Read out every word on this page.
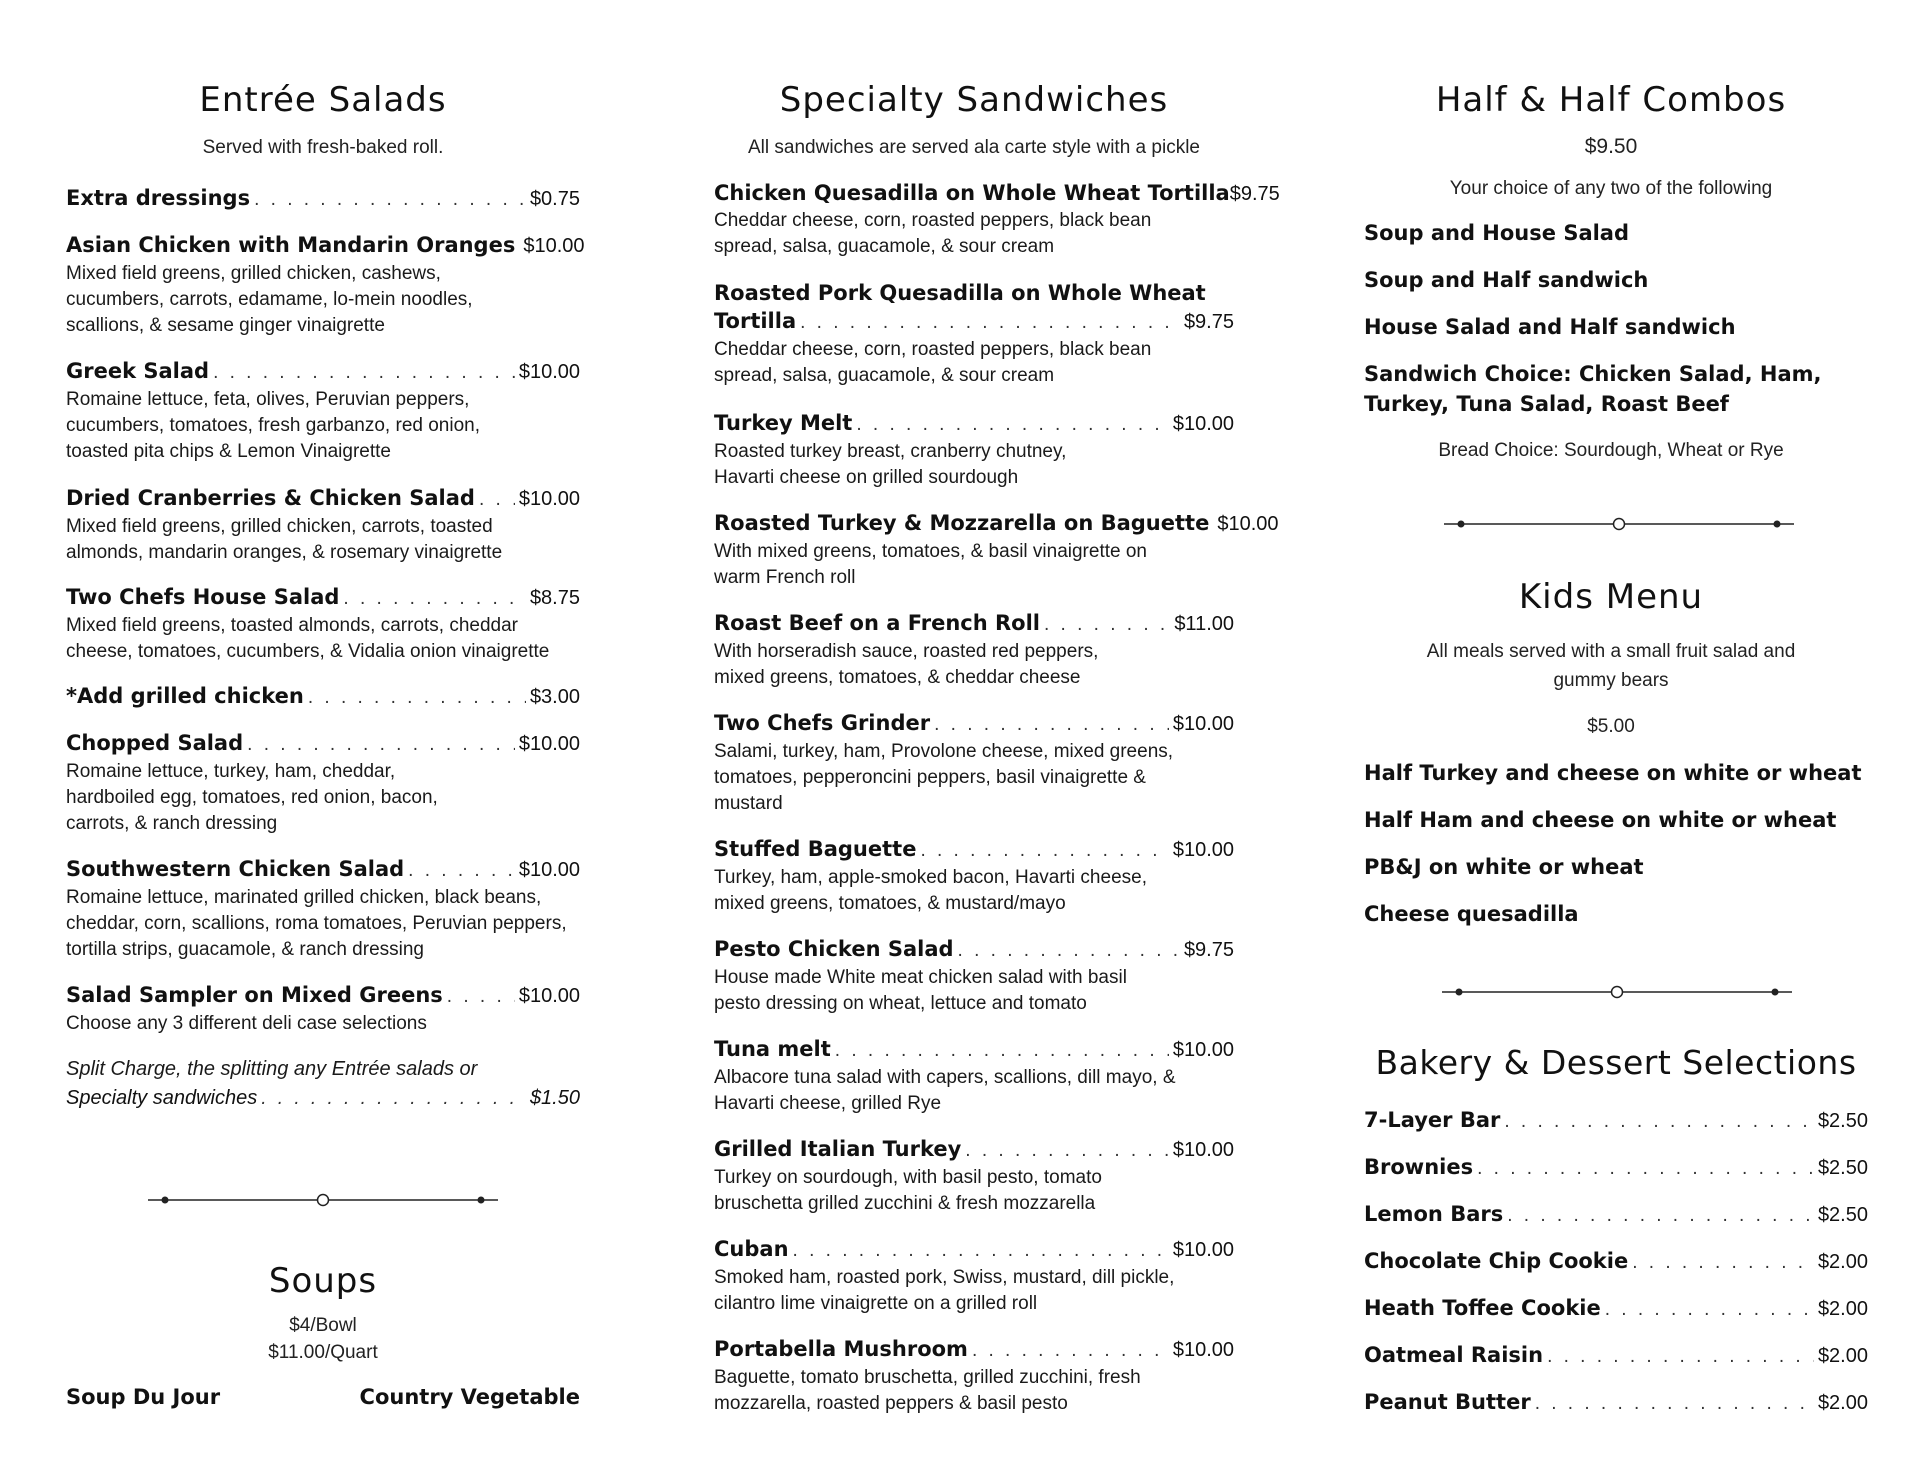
Entrée Salads
Served with fresh-baked roll.
Extra dressings . . .	$0.75
Asian Chicken with Mandarin Oranges $10.00
Mixed field greens, grilled chicken, cashews, cucumbers, carrots, edamame, lo-mein noodles, scallions, & sesame ginger vinaigrette
Greek Salad . . .	$10.00
Romaine lettuce, feta, olives, Peruvian peppers, cucumbers, tomatoes, fresh garbanzo, red onion, toasted pita chips & Lemon Vinaigrette
Dried Cranberries & Chicken Salad . . . $10.00
Mixed field greens, grilled chicken, carrots, toasted almonds, mandarin oranges, & rosemary vinaigrette
Two Chefs House Salad . . .	$8.75
Mixed field greens, toasted almonds, carrots, cheddar cheese, tomatoes, cucumbers, & Vidalia onion vinaigrette
*Add grilled chicken . . .	$3.00
Chopped Salad . . .	$10.00
Romaine lettuce, turkey, ham, cheddar, hardboiled egg, tomatoes, red onion, bacon, carrots, & ranch dressing
Southwestern Chicken Salad . . .	$10.00
Romaine lettuce, marinated grilled chicken, black beans, cheddar, corn, scallions, roma tomatoes, Peruvian peppers, tortilla strips, guacamole, & ranch dressing
Salad Sampler on Mixed Greens . . .	$10.00
Choose any 3 different deli case selections
Split Charge, the splitting any Entrée salads or
Specialty sandwiches . . .	$1.50
Soups
$4/Bowl
$11.00/Quart
Soup Du Jour	Country Vegetable
Specialty Sandwiches
All sandwiches are served ala carte style with a pickle
Chicken Quesadilla on Whole Wheat Tortilla $9.75
Cheddar cheese, corn, roasted peppers, black bean spread, salsa, guacamole, & sour cream
Roasted Pork Quesadilla on Whole Wheat
Tortilla . . .	$9.75
Cheddar cheese, corn, roasted peppers, black bean spread, salsa, guacamole, & sour cream
Turkey Melt . . .	$10.00
Roasted turkey breast, cranberry chutney, Havarti cheese on grilled sourdough
Roasted Turkey & Mozzarella on Baguette $10.00
With mixed greens, tomatoes, & basil vinaigrette on warm French roll
Roast Beef on a French Roll . . .	$11.00
With horseradish sauce, roasted red peppers, mixed greens, tomatoes, & cheddar cheese
Two Chefs Grinder . . .	$10.00
Salami, turkey, ham, Provolone cheese, mixed greens, tomatoes, pepperoncini peppers, basil vinaigrette & mustard
Stuffed Baguette . . .	$10.00
Turkey, ham, apple-smoked bacon, Havarti cheese, mixed greens, tomatoes, & mustard/mayo
Pesto Chicken Salad . . .	$9.75
House made White meat chicken salad with basil pesto dressing on wheat, lettuce and tomato
Tuna melt . . .	$10.00
Albacore tuna salad with capers, scallions, dill mayo, & Havarti cheese, grilled Rye
Grilled Italian Turkey . . .	$10.00
Turkey on sourdough, with basil pesto, tomato bruschetta grilled zucchini & fresh mozzarella
Cuban . . .	$10.00
Smoked ham, roasted pork, Swiss, mustard, dill pickle, cilantro lime vinaigrette on a grilled roll
Portabella Mushroom . . .	$10.00
Baguette, tomato bruschetta, grilled zucchini, fresh mozzarella, roasted peppers & basil pesto
Half & Half Combos
$9.50
Your choice of any two of the following
Soup and House Salad
Soup and Half sandwich
House Salad and Half sandwich
Sandwich Choice: Chicken Salad, Ham,
Turkey, Tuna Salad, Roast Beef
Bread Choice: Sourdough, Wheat or Rye
Kids Menu
All meals served with a small fruit salad and
gummy bears
$5.00
Half Turkey and cheese on white or wheat
Half Ham and cheese on white or wheat
PB&J on white or wheat
Cheese quesadilla
Bakery & Dessert Selections
7-Layer Bar . . .	$2.50
Brownies . . .	$2.50
Lemon Bars . . .	$2.50
Chocolate Chip Cookie . . .	$2.00
Heath Toffee Cookie . . .	$2.00
Oatmeal Raisin . . .	$2.00
Peanut Butter . . .	$2.00
